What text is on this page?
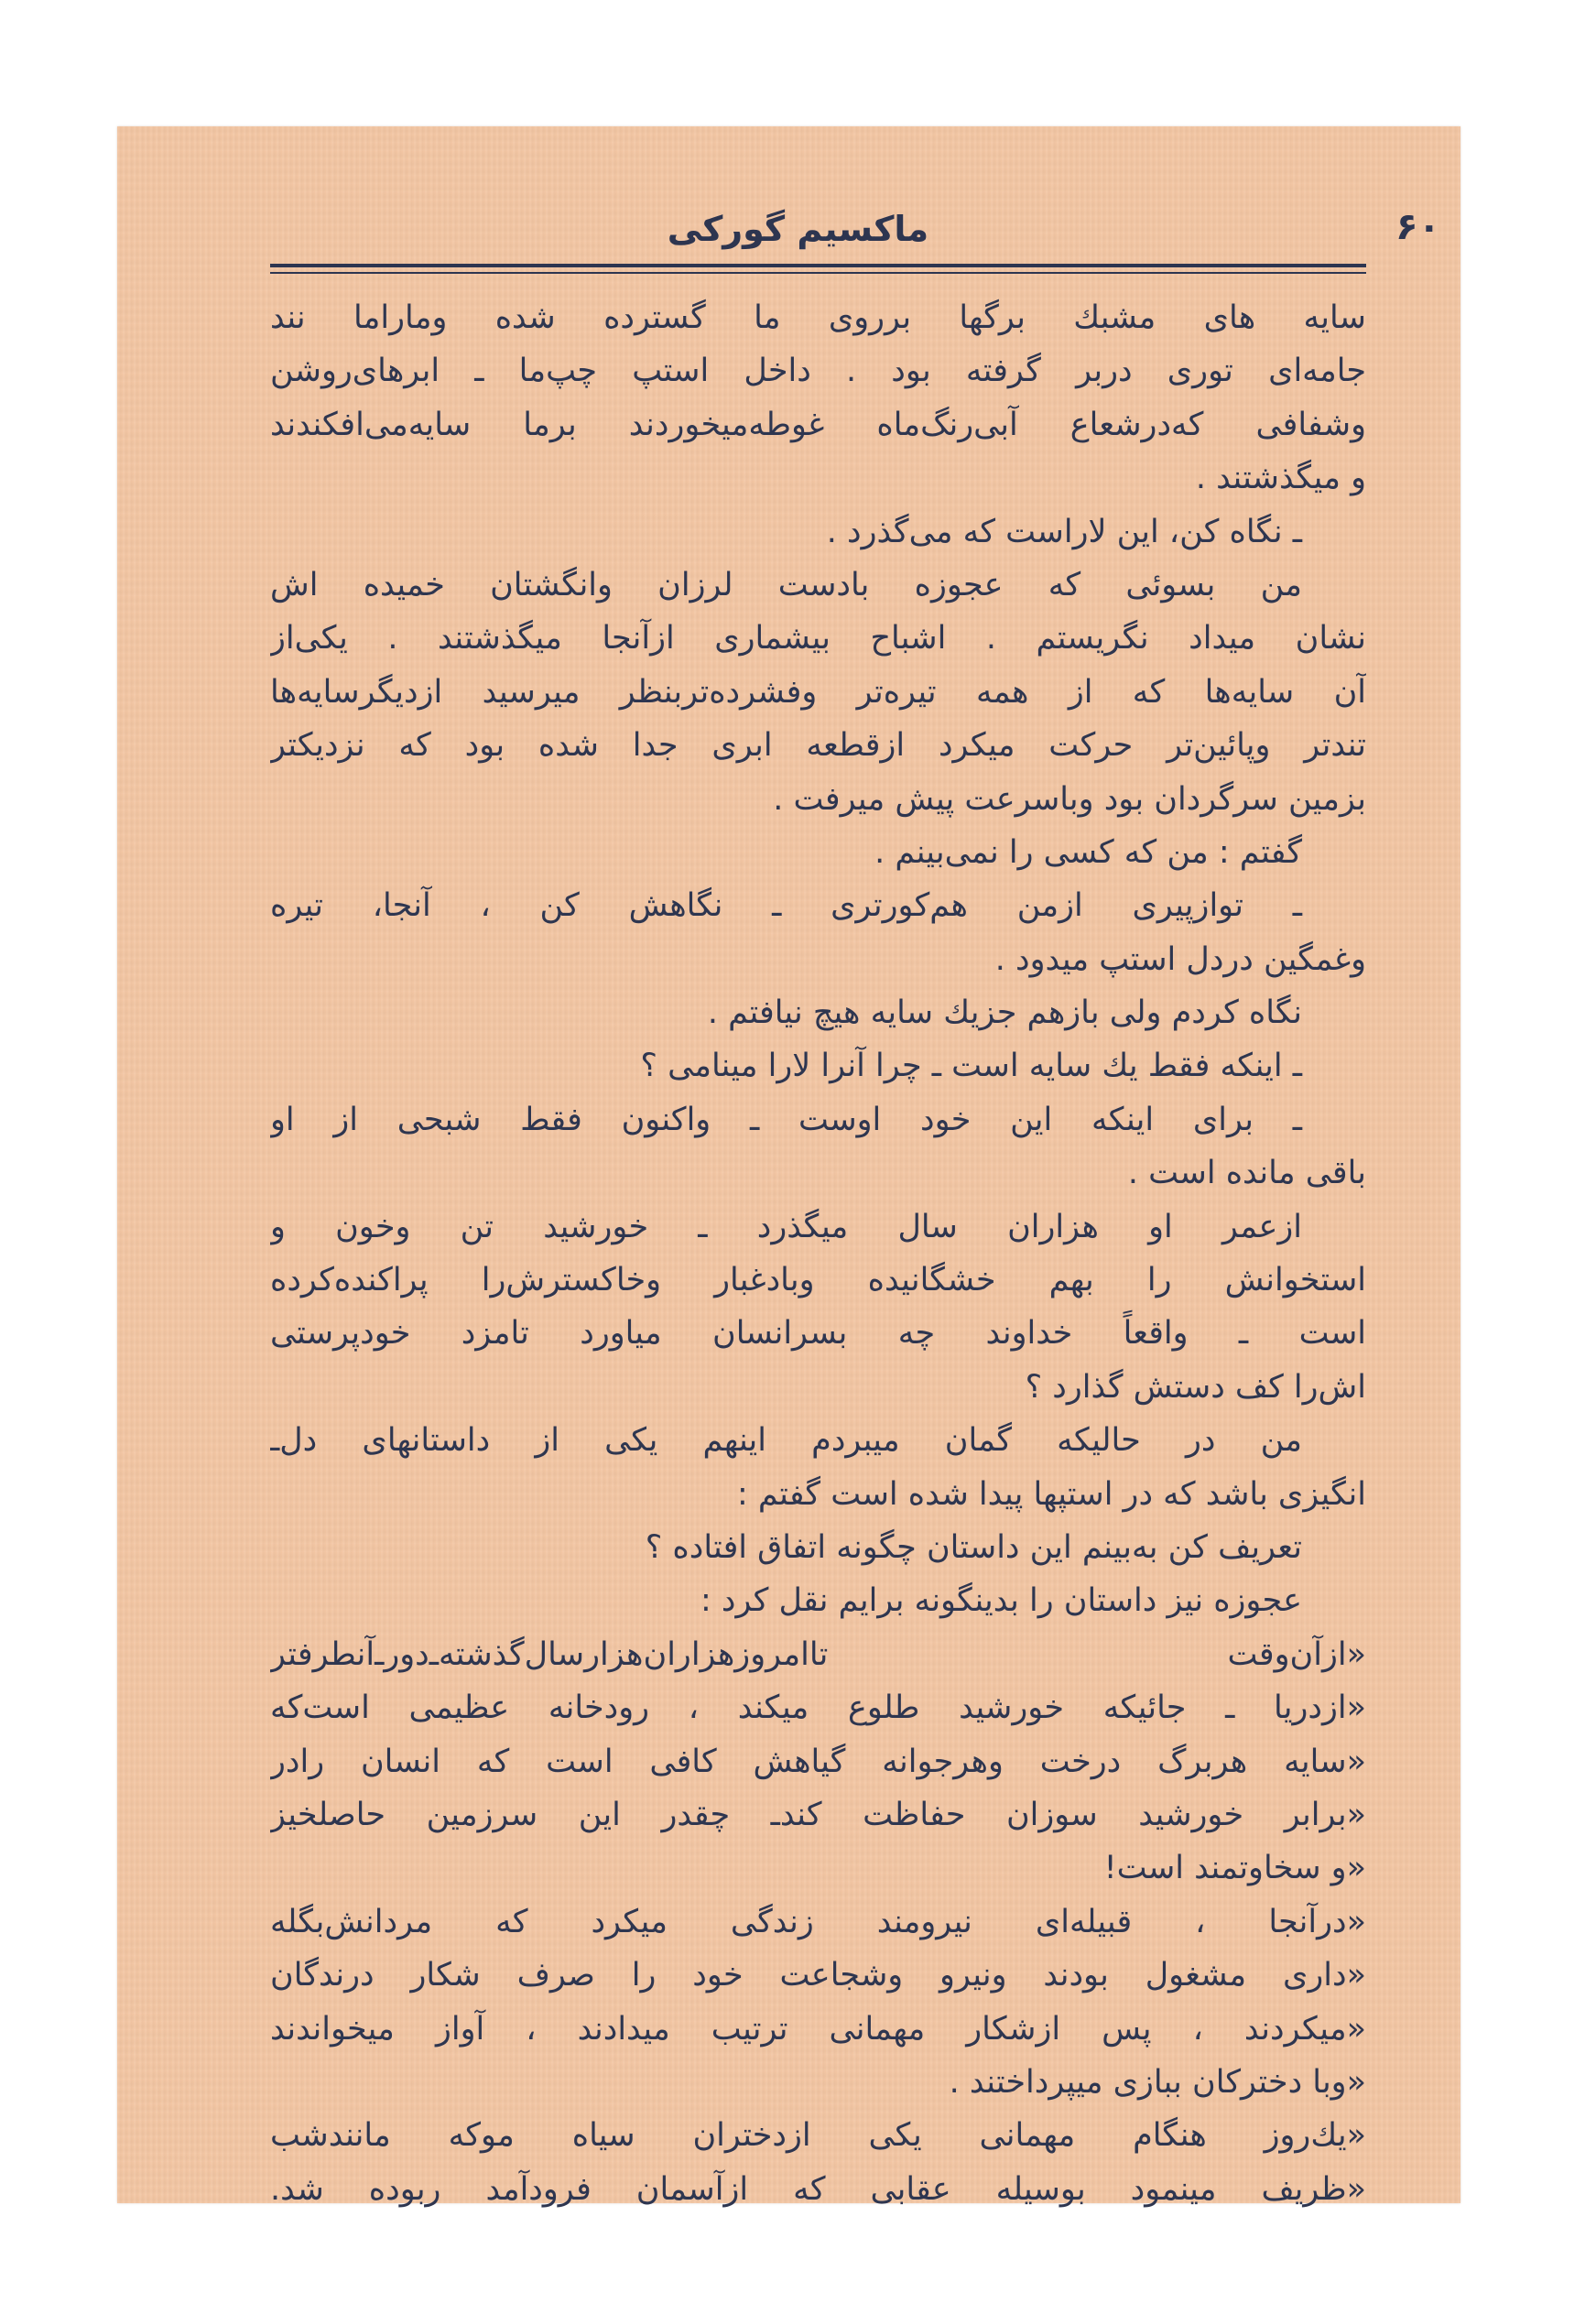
۶۰
ماکسیم گورکی
سایه های مشبك برگها برروی ما گسترده شده وماراما نند
جامه‌ای توری دربر گرفته بود . داخل استپ چپ‌ما ـ ابرهای‌روشن
وشفافی که‌درشعاع آبی‌رنگ‌ماه غوطه‌میخوردند برما سایه‌می‌افکندند
و میگذشتند .
ـ نگاه کن، این لاراست که می‌گذرد .
من بسوئی که عجوزه بادست لرزان وانگشتان خمیده اش
نشان میداد نگریستم . اشباح بیشماری ازآنجا میگذشتند . یکی‌از
آن سایه‌ها که از همه تیره‌تر وفشرده‌تربنظر میرسید ازدیگرسایه‌ها
تندتر وپائین‌تر حرکت میکرد ازقطعه ابری جدا شده بود که نزدیکتر
بزمین سرگردان بود وباسرعت پیش میرفت .
گفتم : من که کسی را نمی‌بینم .
ـ توازپیری ازمن هم‌کورتری ـ نگاهش کن ، آنجا، تیره
وغمگین دردل استپ میدود .
نگاه کردم ولی بازهم جزیك سایه هیچ نیافتم .
ـ اینکه فقط یك سایه است ـ چرا آنرا لارا مینامی ؟
ـ برای اینکه این خود اوست ـ واکنون فقط شبحی از او
باقی مانده است .
ازعمر او هزاران سال میگذرد ـ خورشید تن وخون و
استخوانش را بهم خشگانیده وبادغبار وخاکسترش‌را پراکنده‌کرده
است ـ واقعاً خداوند چه بسرانسان میاورد تامزد خودپرستی
اش‌را کف دستش گذارد ؟
من در حالیکه گمان میبردم اینهم یکی از داستانهای دل‌ـ
انگیزی باشد که در استپها پیدا شده است گفتم :
تعریف کن به‌بینم این داستان چگونه اتفاق افتاده ؟
عجوزه نیز داستان را بدینگونه برایم نقل کرد :
«ازآن‌وقت تاامروزهزاران‌هزارسال‌گذشته‌ـ‌دور‌ـ‌آنطرفتر
«ازدریا ـ جائیکه خورشید طلوع میکند ، رودخانه عظیمی است‌که
«سایه هربرگ درخت وهرجوانه گیاهش کافی است که انسان رادر
«برابر خورشید سوزان حفاظت کند‌ـ چقدر این سرزمین حاصلخیز
«و سخاوتمند است!
«درآنجا ، قبیله‌ای نیرومند زندگی میکرد که مردانش‌بگله
«داری مشغول بودند ونیرو وشجاعت خود را صرف شکار درندگان
«میکردند ، پس ازشکار مهمانی ترتیب میدادند ، آواز میخواندند
«وبا دخترکان ببازی میپرداختند .
«یك‌روز هنگام مهمانی یکی ازدختران سیاه موکه مانندشب
«ظریف مینمود بوسیله عقابی که ازآسمان فرودآمد ربوده شد.
